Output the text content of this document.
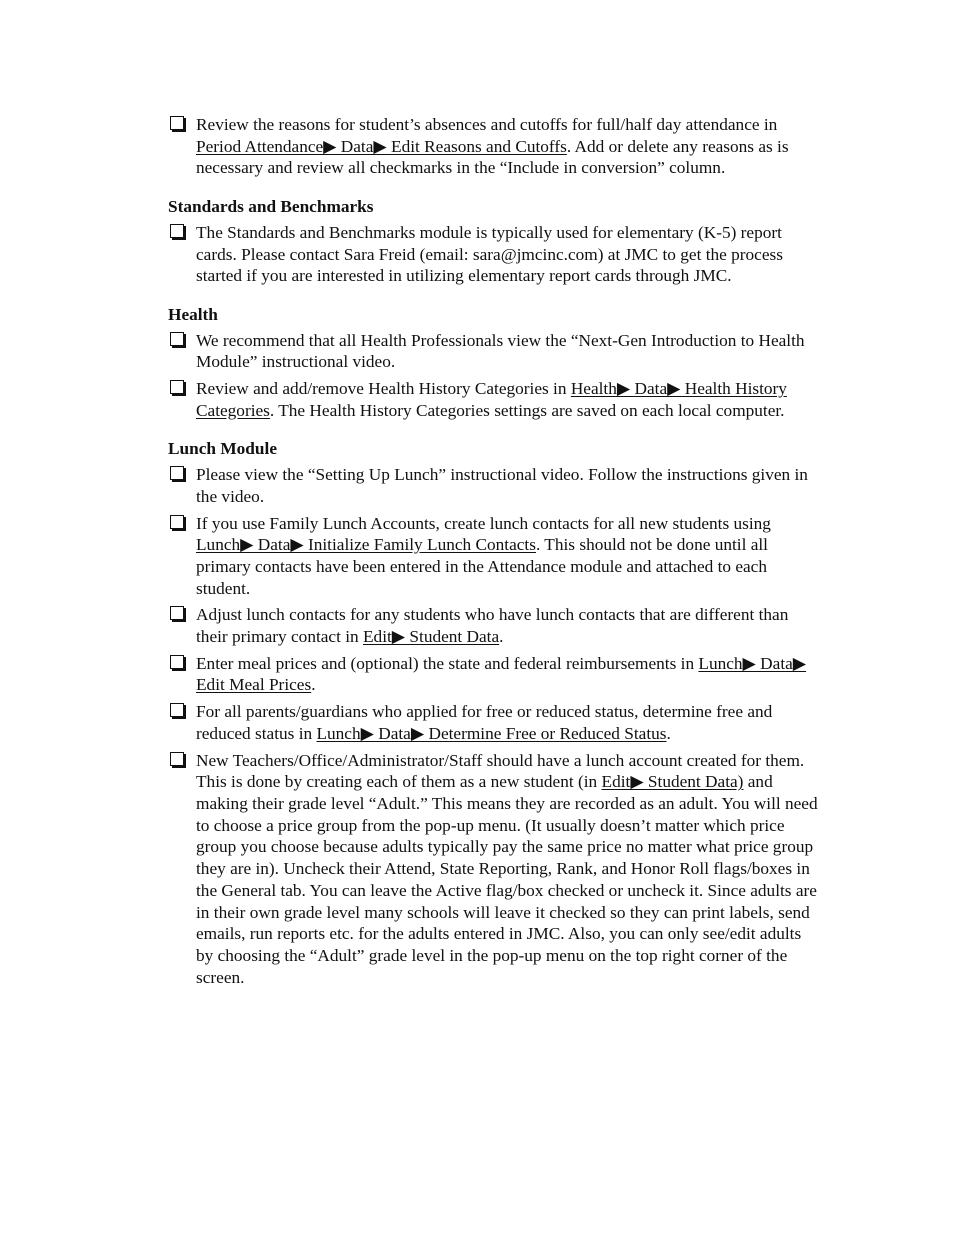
Review the reasons for student’s absences and cutoffs for full/half day attendance in Period Attendance▶ Data▶ Edit Reasons and Cutoffs. Add or delete any reasons as is necessary and review all checkmarks in the “Include in conversion” column.
Standards and Benchmarks
The Standards and Benchmarks module is typically used for elementary (K-5) report cards. Please contact Sara Freid (email: sara@jmcinc.com) at JMC to get the process started if you are interested in utilizing elementary report cards through JMC.
Health
We recommend that all Health Professionals view the “Next-Gen Introduction to Health Module” instructional video.
Review and add/remove Health History Categories in Health▶ Data▶ Health History Categories. The Health History Categories settings are saved on each local computer.
Lunch Module
Please view the “Setting Up Lunch” instructional video. Follow the instructions given in the video.
If you use Family Lunch Accounts, create lunch contacts for all new students using Lunch▶ Data▶ Initialize Family Lunch Contacts. This should not be done until all primary contacts have been entered in the Attendance module and attached to each student.
Adjust lunch contacts for any students who have lunch contacts that are different than their primary contact in Edit▶ Student Data.
Enter meal prices and (optional) the state and federal reimbursements in Lunch▶ Data▶ Edit Meal Prices.
For all parents/guardians who applied for free or reduced status, determine free and reduced status in Lunch▶ Data▶ Determine Free or Reduced Status.
New Teachers/Office/Administrator/Staff should have a lunch account created for them. This is done by creating each of them as a new student (in Edit▶ Student Data) and making their grade level “Adult.” This means they are recorded as an adult. You will need to choose a price group from the pop-up menu. (It usually doesn’t matter which price group you choose because adults typically pay the same price no matter what price group they are in). Uncheck their Attend, State Reporting, Rank, and Honor Roll flags/boxes in the General tab. You can leave the Active flag/box checked or uncheck it. Since adults are in their own grade level many schools will leave it checked so they can print labels, send emails, run reports etc. for the adults entered in JMC. Also, you can only see/edit adults by choosing the “Adult” grade level in the pop-up menu on the top right corner of the screen.
